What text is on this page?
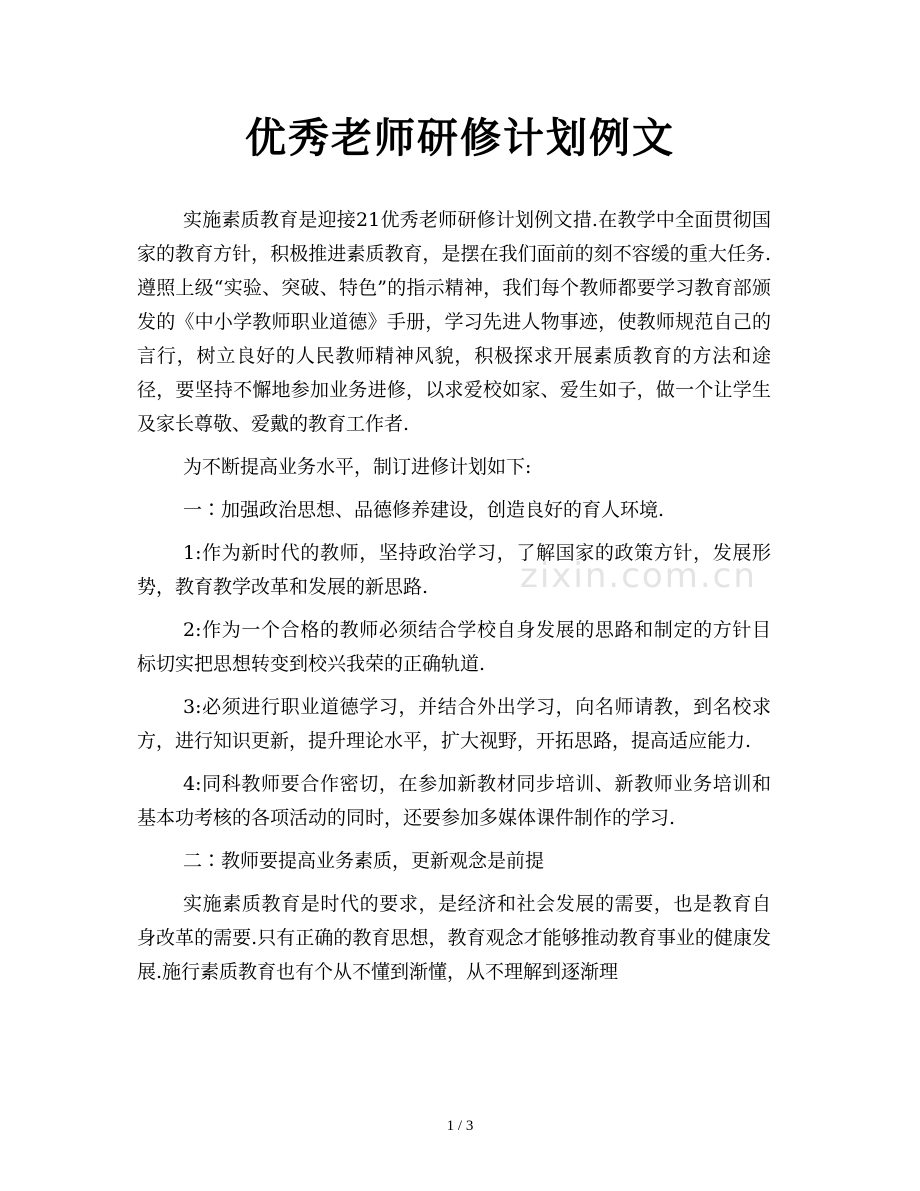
优秀老师研修计划例文
zixin.com.cn

实施素质教育是迎接21优秀老师研修计划例文措.在教学中全面贯彻国家的教育方针，积极推进素质教育，是摆在我们面前的刻不容缓的重大任务.遵照上级“实验、突破、特色”的指示精神，我们每个教师都要学习教育部颁发的《中小学教师职业道德》手册，学习先进人物事迹，使教师规范自己的言行，树立良好的人民教师精神风貌，积极探求开展素质教育的方法和途径，要坚持不懈地参加业务进修，以求爱校如家、爱生如子，做一个让学生及家长尊敬、爱戴的教育工作者.

为不断提高业务水平，制订进修计划如下:

一∶加强政治思想、品德修养建设，创造良好的育人环境.

1:作为新时代的教师，坚持政治学习，了解国家的政策方针，发展形势，教育教学改革和发展的新思路.

2:作为一个合格的教师必须结合学校自身发展的思路和制定的方针目标切实把思想转变到校兴我荣的正确轨道.

3:必须进行职业道德学习，并结合外出学习，向名师请教，到名校求方，进行知识更新，提升理论水平，扩大视野，开拓思路，提高适应能力.

4:同科教师要合作密切，在参加新教材同步培训、新教师业务培训和基本功考核的各项活动的同时，还要参加多媒体课件制作的学习.

二∶教师要提高业务素质，更新观念是前提

实施素质教育是时代的要求，是经济和社会发展的需要，也是教育自身改革的需要.只有正确的教育思想，教育观念才能够推动教育事业的健康发展.施行素质教育也有个从不懂到渐懂，从不理解到逐渐理

1 / 3
